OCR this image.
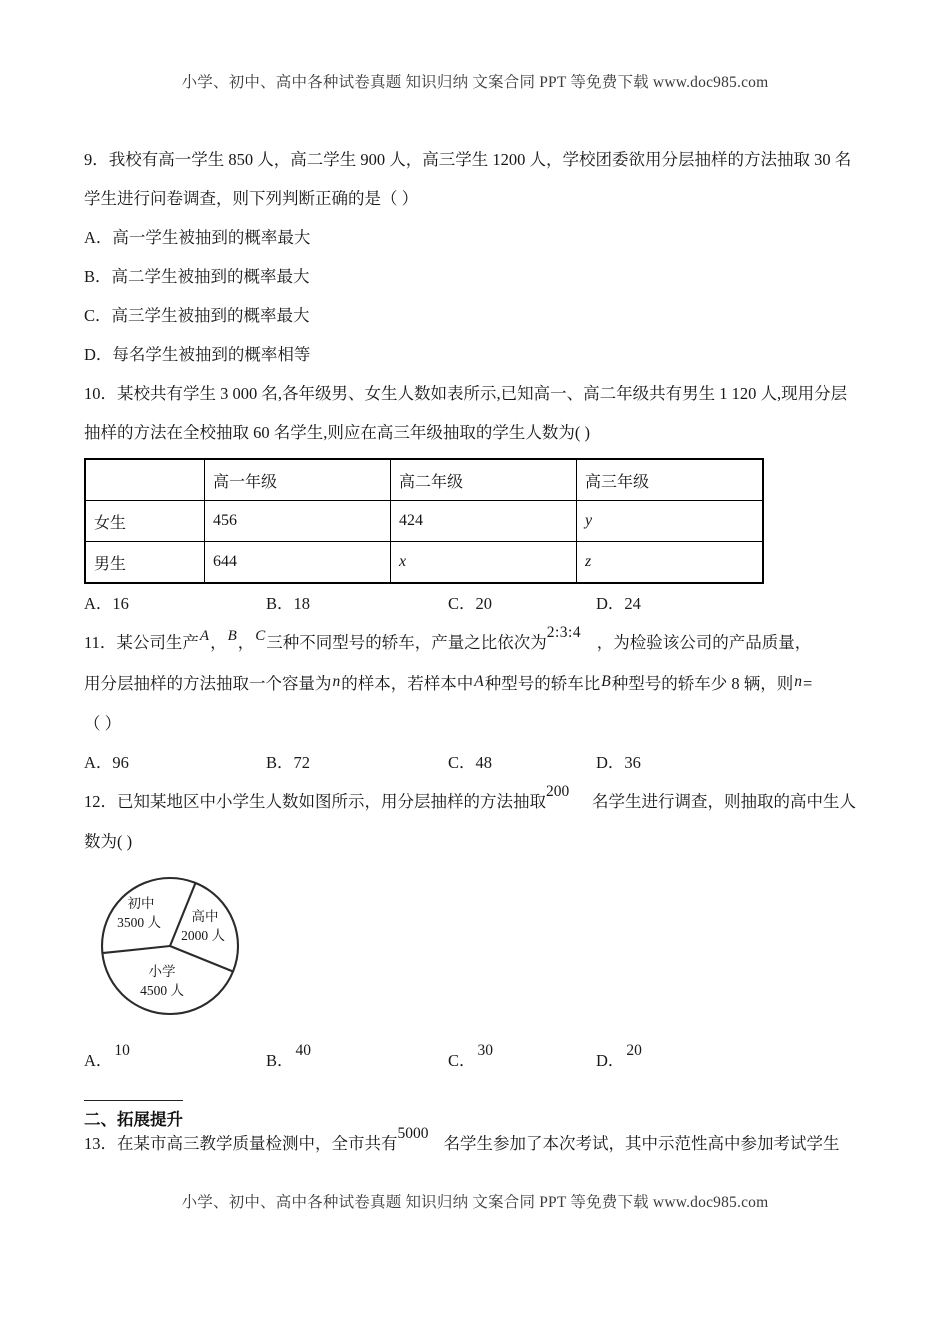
小学、初中、高中各种试卷真题 知识归纳 文案合同 PPT 等免费下载 www.doc985.com
9．我校有高一学生 850 人，高二学生 900 人，高三学生 1200 人，学校团委欲用分层抽样的方法抽取 30 名
学生进行问卷调查，则下列判断正确的是（ ）
A．高一学生被抽到的概率最大
B．高二学生被抽到的概率最大
C．高三学生被抽到的概率最大
D．每名学生被抽到的概率相等
10．某校共有学生 3 000 名,各年级男、女生人数如表所示,已知高一、高二年级共有男生 1 120 人,现用分层
抽样的方法在全校抽取 60 名学生,则应在高三年级抽取的学生人数为( )
	高一年级	高二年级	高三年级
女生	456	424	y
男生	644	x	z
A．16	B．18	C．20	D．24
11．某公司生产A，B，C三种不同型号的轿车，产量之比依次为2:3:4，为检验该公司的产品质量，
用分层抽样的方法抽取一个容量为n的样本，若样本中A种型号的轿车比B种型号的轿车少 8 辆，则n=
（ ）
A．96	B．72	C．48	D．36
12．已知某地区中小学生人数如图所示，用分层抽样的方法抽取200名学生进行调查，则抽取的高中生人
数为( )
初中
3500 人 高中
2000 人
小学
4500 人
A．10
B．40
C．30
D．20
二、拓展提升
13．在某市高三教学质量检测中，全市共有5000名学生参加了本次考试，其中示范性高中参加考试学生
小学、初中、高中各种试卷真题 知识归纳 文案合同 PPT 等免费下载 www.doc985.com
